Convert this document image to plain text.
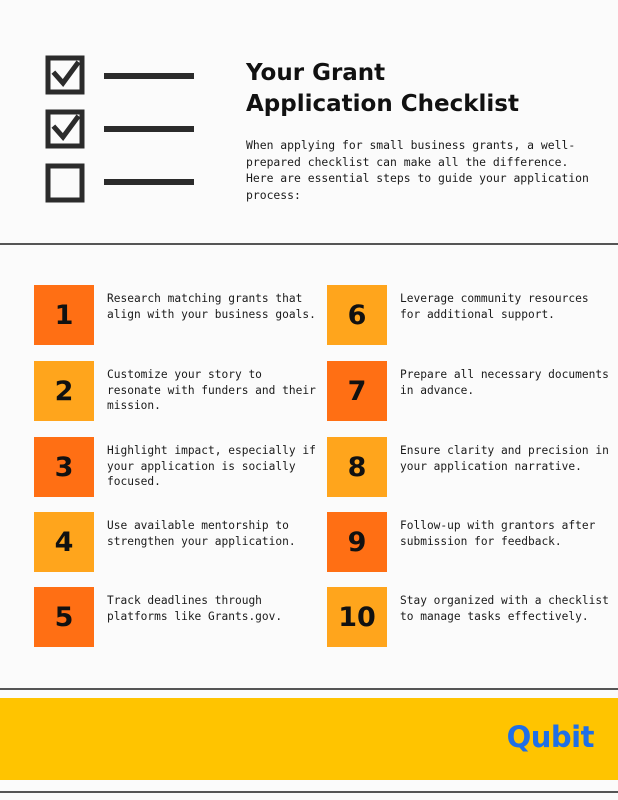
Your Grant
Application Checklist

When applying for small business grants, a well-prepared checklist can make all the difference. Here are essential steps to guide your application process:

1

Research matching grants that align with your business goals.

2

Customize your story to resonate with funders and their mission.

3

Highlight impact, especially if your application is socially focused.

4

Use available mentorship to strengthen your application.

5

Track deadlines through platforms like Grants.gov.

6

Leverage community resources for additional support.

7

Prepare all necessary documents in advance.

8

Ensure clarity and precision in your application narrative.

9

Follow-up with grantors after submission for feedback.

10

Stay organized with a checklist to manage tasks effectively.

Qubit
